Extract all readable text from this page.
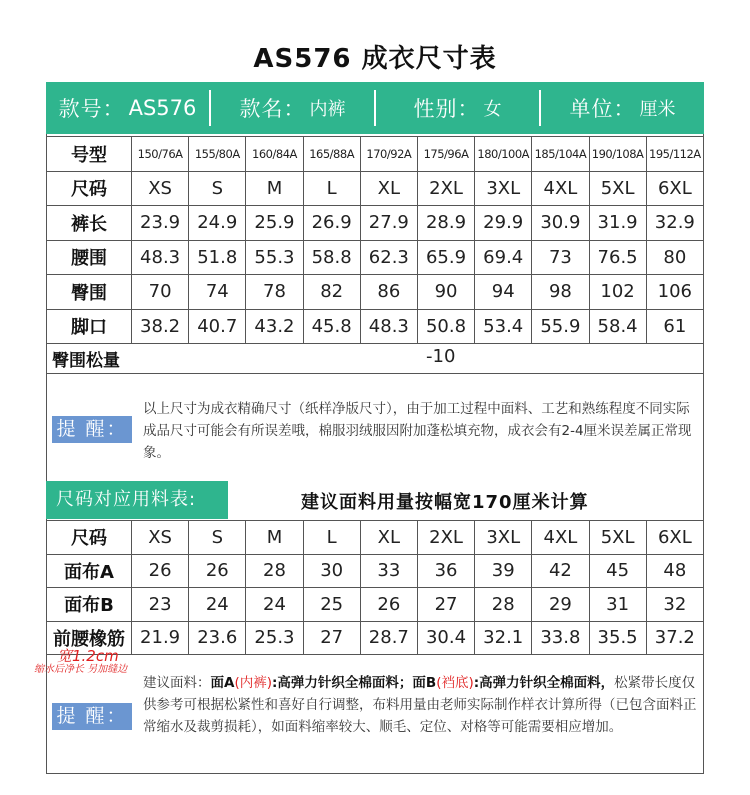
AS576 成衣尺寸表
款号： AS576 款名： 内裤	性别： 女	单位： 厘米
号型	150/76A	155/80A	160/84A	165/88A	170/92A	175/96A	180/100A	185/104A	190/108A	195/112A
尺码	XS	S	M	L	XL	2XL	3XL	4XL	5XL	6XL
裤长	23.9	24.9	25.9	26.9	27.9	28.9	29.9	30.9	31.9	32.9
腰围	48.3	51.8	55.3	58.8	62.3	65.9	69.4	73	76.5	80
臀围	70	74	78	82	86	90	94	98	102	106
脚口	38.2	40.7	43.2	45.8	48.3	50.8	53.4	55.9	58.4	61
臀围松量	-10
提 醒：
以上尺寸为成衣精确尺寸（纸样净版尺寸），由于加工过程中面料、工艺和熟练程度不同实际成品尺寸可能会有所误差哦，棉服羽绒服因附加蓬松填充物，成衣会有2-4厘米误差属正常现象。
尺码对应用料表:	建议面料用量按幅宽170厘米计算
尺码	XS	S	M	L	XL	2XL	3XL	4XL	5XL	6XL
面布A	26	26	28	30	33	36	39	42	45	48
面布B	23	24	24	25	26	27	28	29	31	32
前腰橡筋	21.9	23.6	25.3	27	28.7	30.4	32.1	33.8	35.5	37.2
宽1.2cm
缩水后净长 另加缝边
提 醒：
建议面料：面A(内裤):高弹力针织全棉面料；面B(裆底):高弹力针织全棉面料，松紧带长度仅供参考可根据松紧性和喜好自行调整，布料用量由老师实际制作样衣计算所得（已包含面料正常缩水及裁剪损耗），如面料缩率较大、顺毛、定位、对格等可能需要相应增加。
